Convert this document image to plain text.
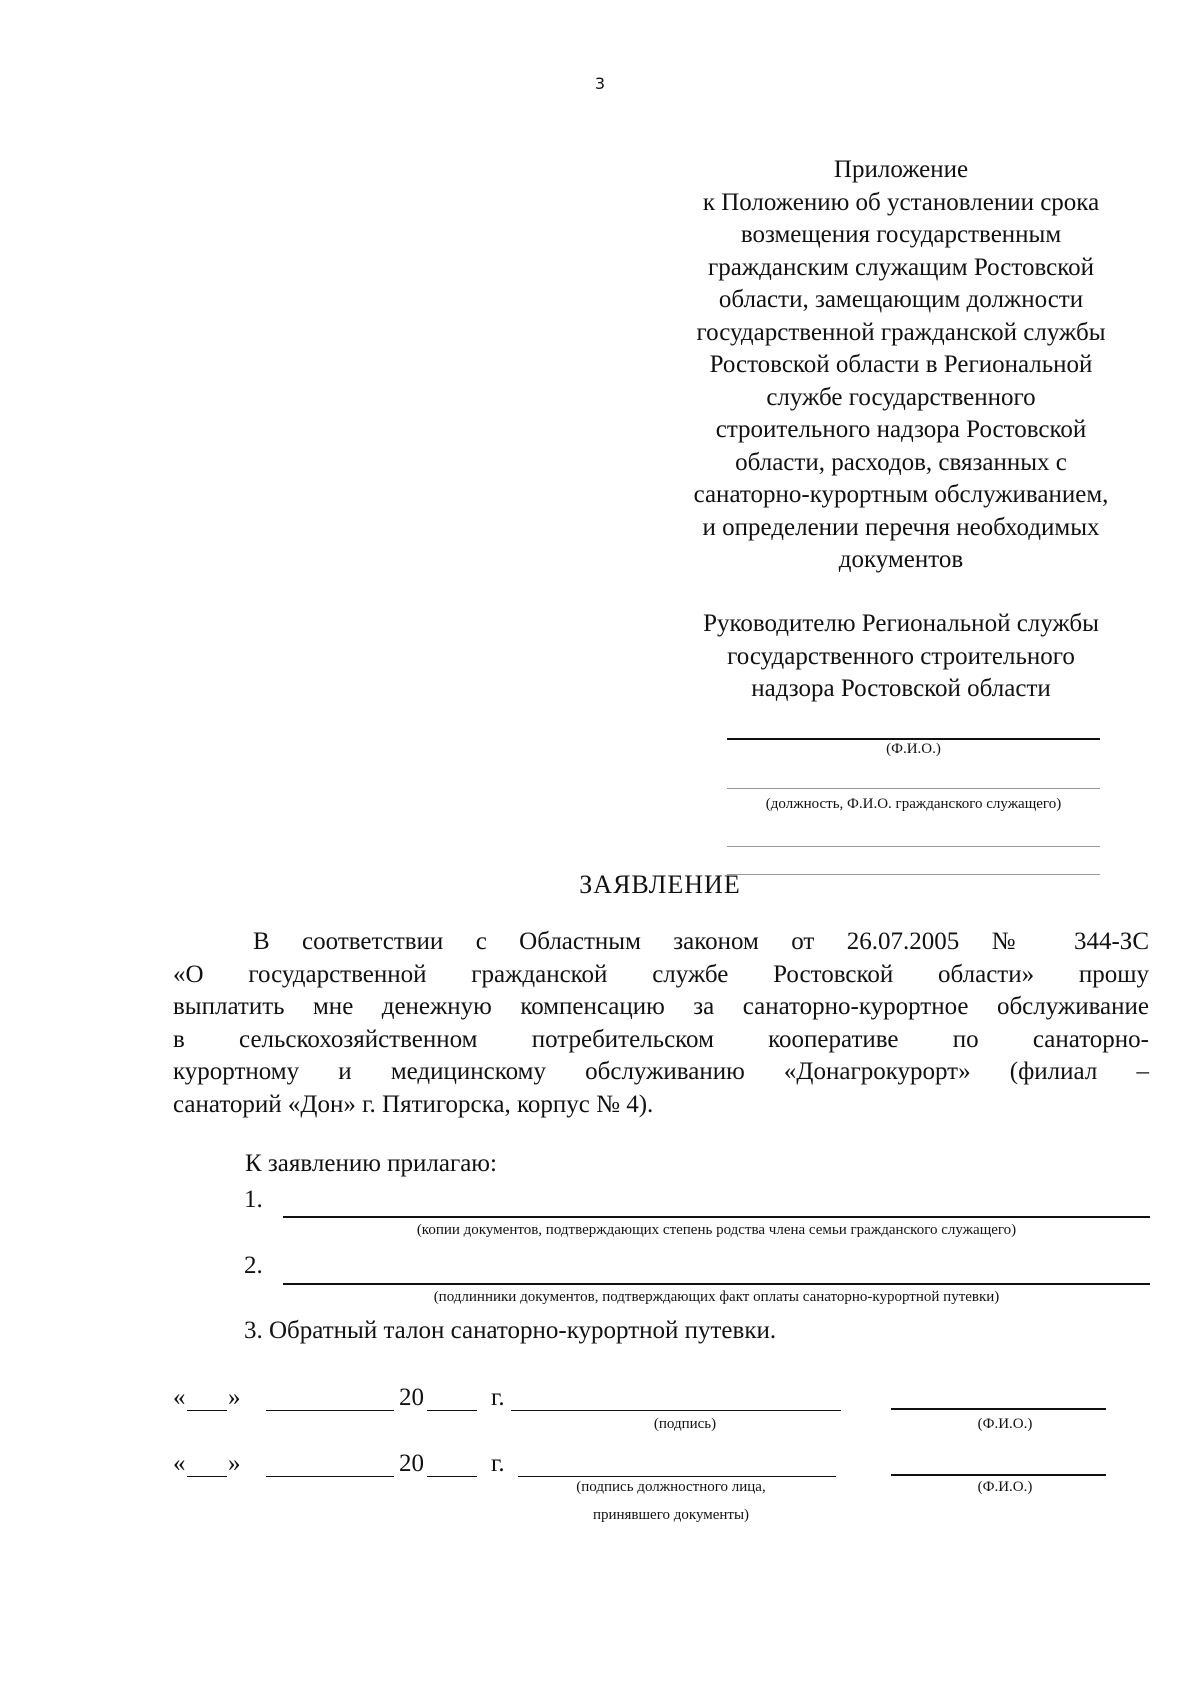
3
Приложение
к Положению об установлении срока
возмещения государственным
гражданским служащим Ростовской
области, замещающим должности
государственной гражданской службы
Ростовской области в Региональной
службе государственного
строительного надзора Ростовской
области, расходов, связанных с
санаторно-курортным обслуживанием,
и определении перечня необходимых
документов
Руководителю Региональной службы
государственного строительного
надзора Ростовской области
(Ф.И.О.)
(должность, Ф.И.О. гражданского служащего)
ЗАЯВЛЕНИЕ
В соответствии с Областным законом от 26.07.2005 № 344-ЗС
«О государственной гражданской службе Ростовской области» прошу
выплатить мне денежную компенсацию за санаторно-курортное обслуживание
в сельскохозяйственном потребительском кооперативе по санаторно-
курортному и медицинскому обслуживанию «Донагрокурорт» (филиал –
санаторий «Дон» г. Пятигорска, корпус № 4).
К заявлению прилагаю:
1.
(копии документов, подтверждающих степень родства члена семьи гражданского служащего)
2.
(подлинники документов, подтверждающих факт оплаты санаторно-курортной путевки)
3. Обратный талон санаторно-курортной путевки.
« »	20	г.
(подпись)	(Ф.И.О.)
« »	20	г.
(подпись должностного лица,
принявшего документы)
(Ф.И.О.)
